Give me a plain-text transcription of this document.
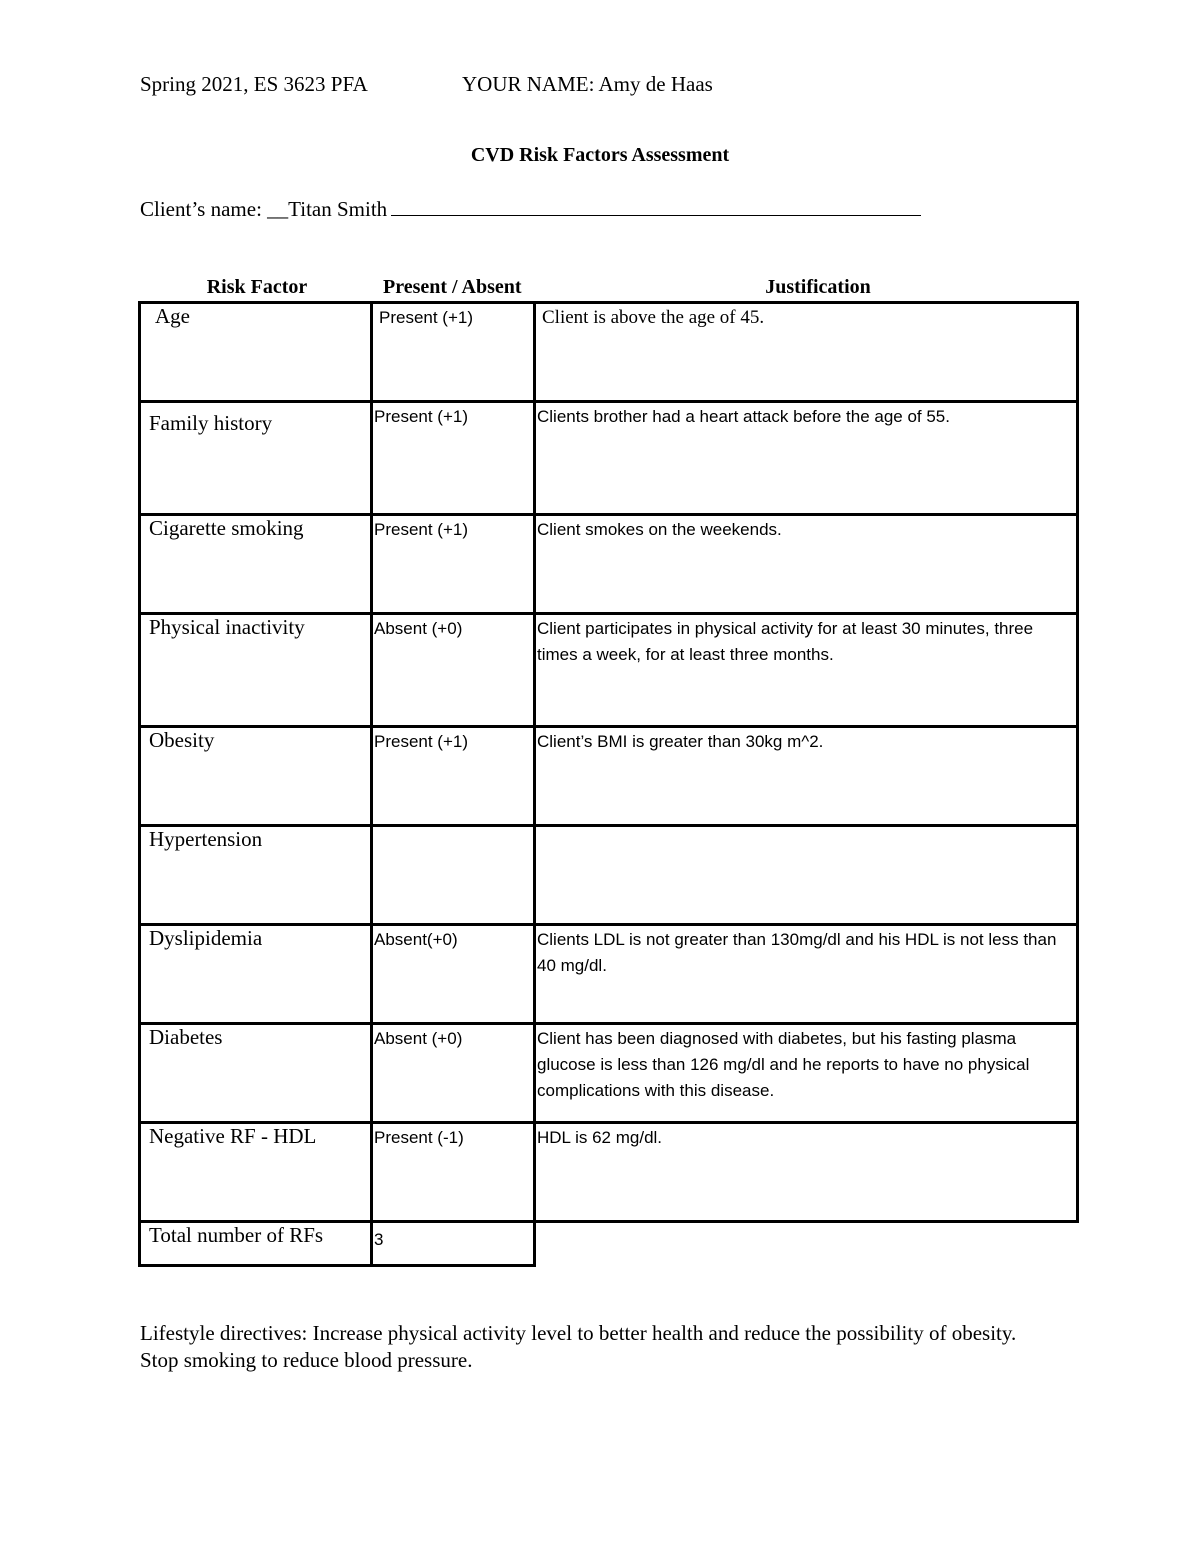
Spring 2021, ES 3623 PFA	YOUR NAME: Amy de Haas
CVD Risk Factors Assessment
Client’s name: __Titan Smith
Risk Factor	Present / Absent	Justification
Age	Present (+1)	Client is above the age of 45.

Family history	Present (+1)	Clients brother had a heart attack before the age of 55.

Cigarette smoking	Present (+1)	Client smokes on the weekends.

Physical inactivity	Absent (+0)	Client participates in physical activity for at least 30 minutes, three times a week, for at least three months.

Obesity	Present (+1)	Client’s BMI is greater than 30kg m^2.

Hypertension		

Dyslipidemia	Absent(+0)	Clients LDL is not greater than 130mg/dl and his HDL is not less than 40 mg/dl.

Diabetes	Absent (+0)	Client has been diagnosed with diabetes, but his fasting plasma glucose is less than 126 mg/dl and he reports to have no physical complications with this disease.

Negative RF - HDL	Present (-1)	HDL is 62 mg/dl.

Total number of RFs	3	

Lifestyle directives: Increase physical activity level to better health and reduce the possibility of obesity. Stop smoking to reduce blood pressure.
